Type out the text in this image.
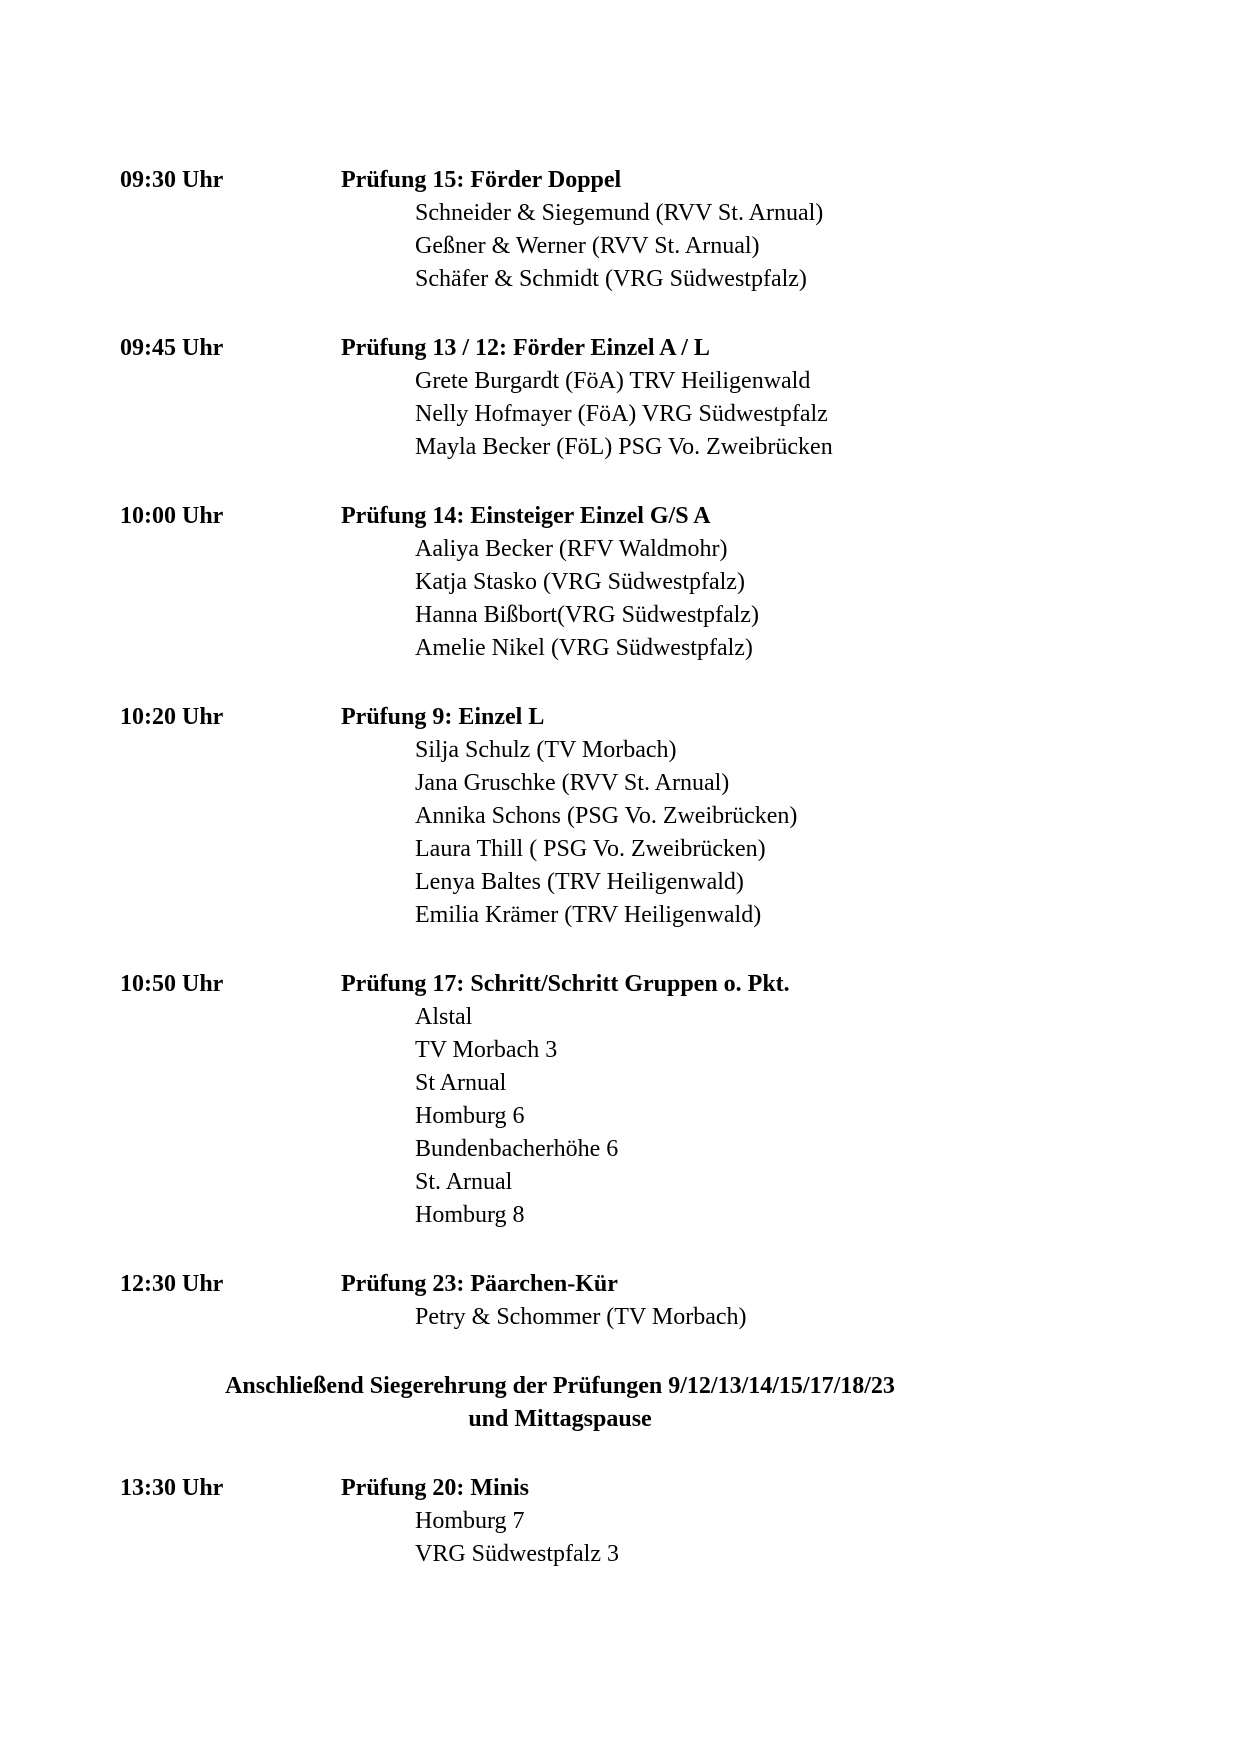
09:30 Uhr	Prüfung 15: Förder Doppel
Schneider & Siegemund (RVV St. Arnual)
Geßner & Werner (RVV St. Arnual)
Schäfer & Schmidt (VRG Südwestpfalz)
09:45 Uhr	Prüfung 13 / 12: Förder Einzel A / L
Grete Burgardt (FöA) TRV Heiligenwald
Nelly Hofmayer (FöA) VRG Südwestpfalz
Mayla Becker (FöL) PSG Vo. Zweibrücken
10:00 Uhr	Prüfung 14: Einsteiger Einzel G/S A
Aaliya Becker (RFV Waldmohr)
Katja Stasko (VRG Südwestpfalz)
Hanna Bißbort(VRG Südwestpfalz)
Amelie Nikel (VRG Südwestpfalz)
10:20 Uhr	Prüfung 9: Einzel L
Silja Schulz (TV Morbach)
Jana Gruschke (RVV St. Arnual)
Annika Schons (PSG Vo. Zweibrücken)
Laura Thill ( PSG Vo. Zweibrücken)
Lenya Baltes (TRV Heiligenwald)
Emilia Krämer (TRV Heiligenwald)
10:50 Uhr	Prüfung 17: Schritt/Schritt Gruppen o. Pkt.
Alstal
TV Morbach 3
St Arnual
Homburg 6
Bundenbacherhöhe 6
St. Arnual
Homburg 8
12:30 Uhr	Prüfung 23: Päarchen-Kür
Petry & Schommer (TV Morbach)
Anschließend Siegerehrung der Prüfungen 9/12/13/14/15/17/18/23
und Mittagspause
13:30 Uhr	Prüfung 20: Minis
Homburg 7
VRG Südwestpfalz 3
